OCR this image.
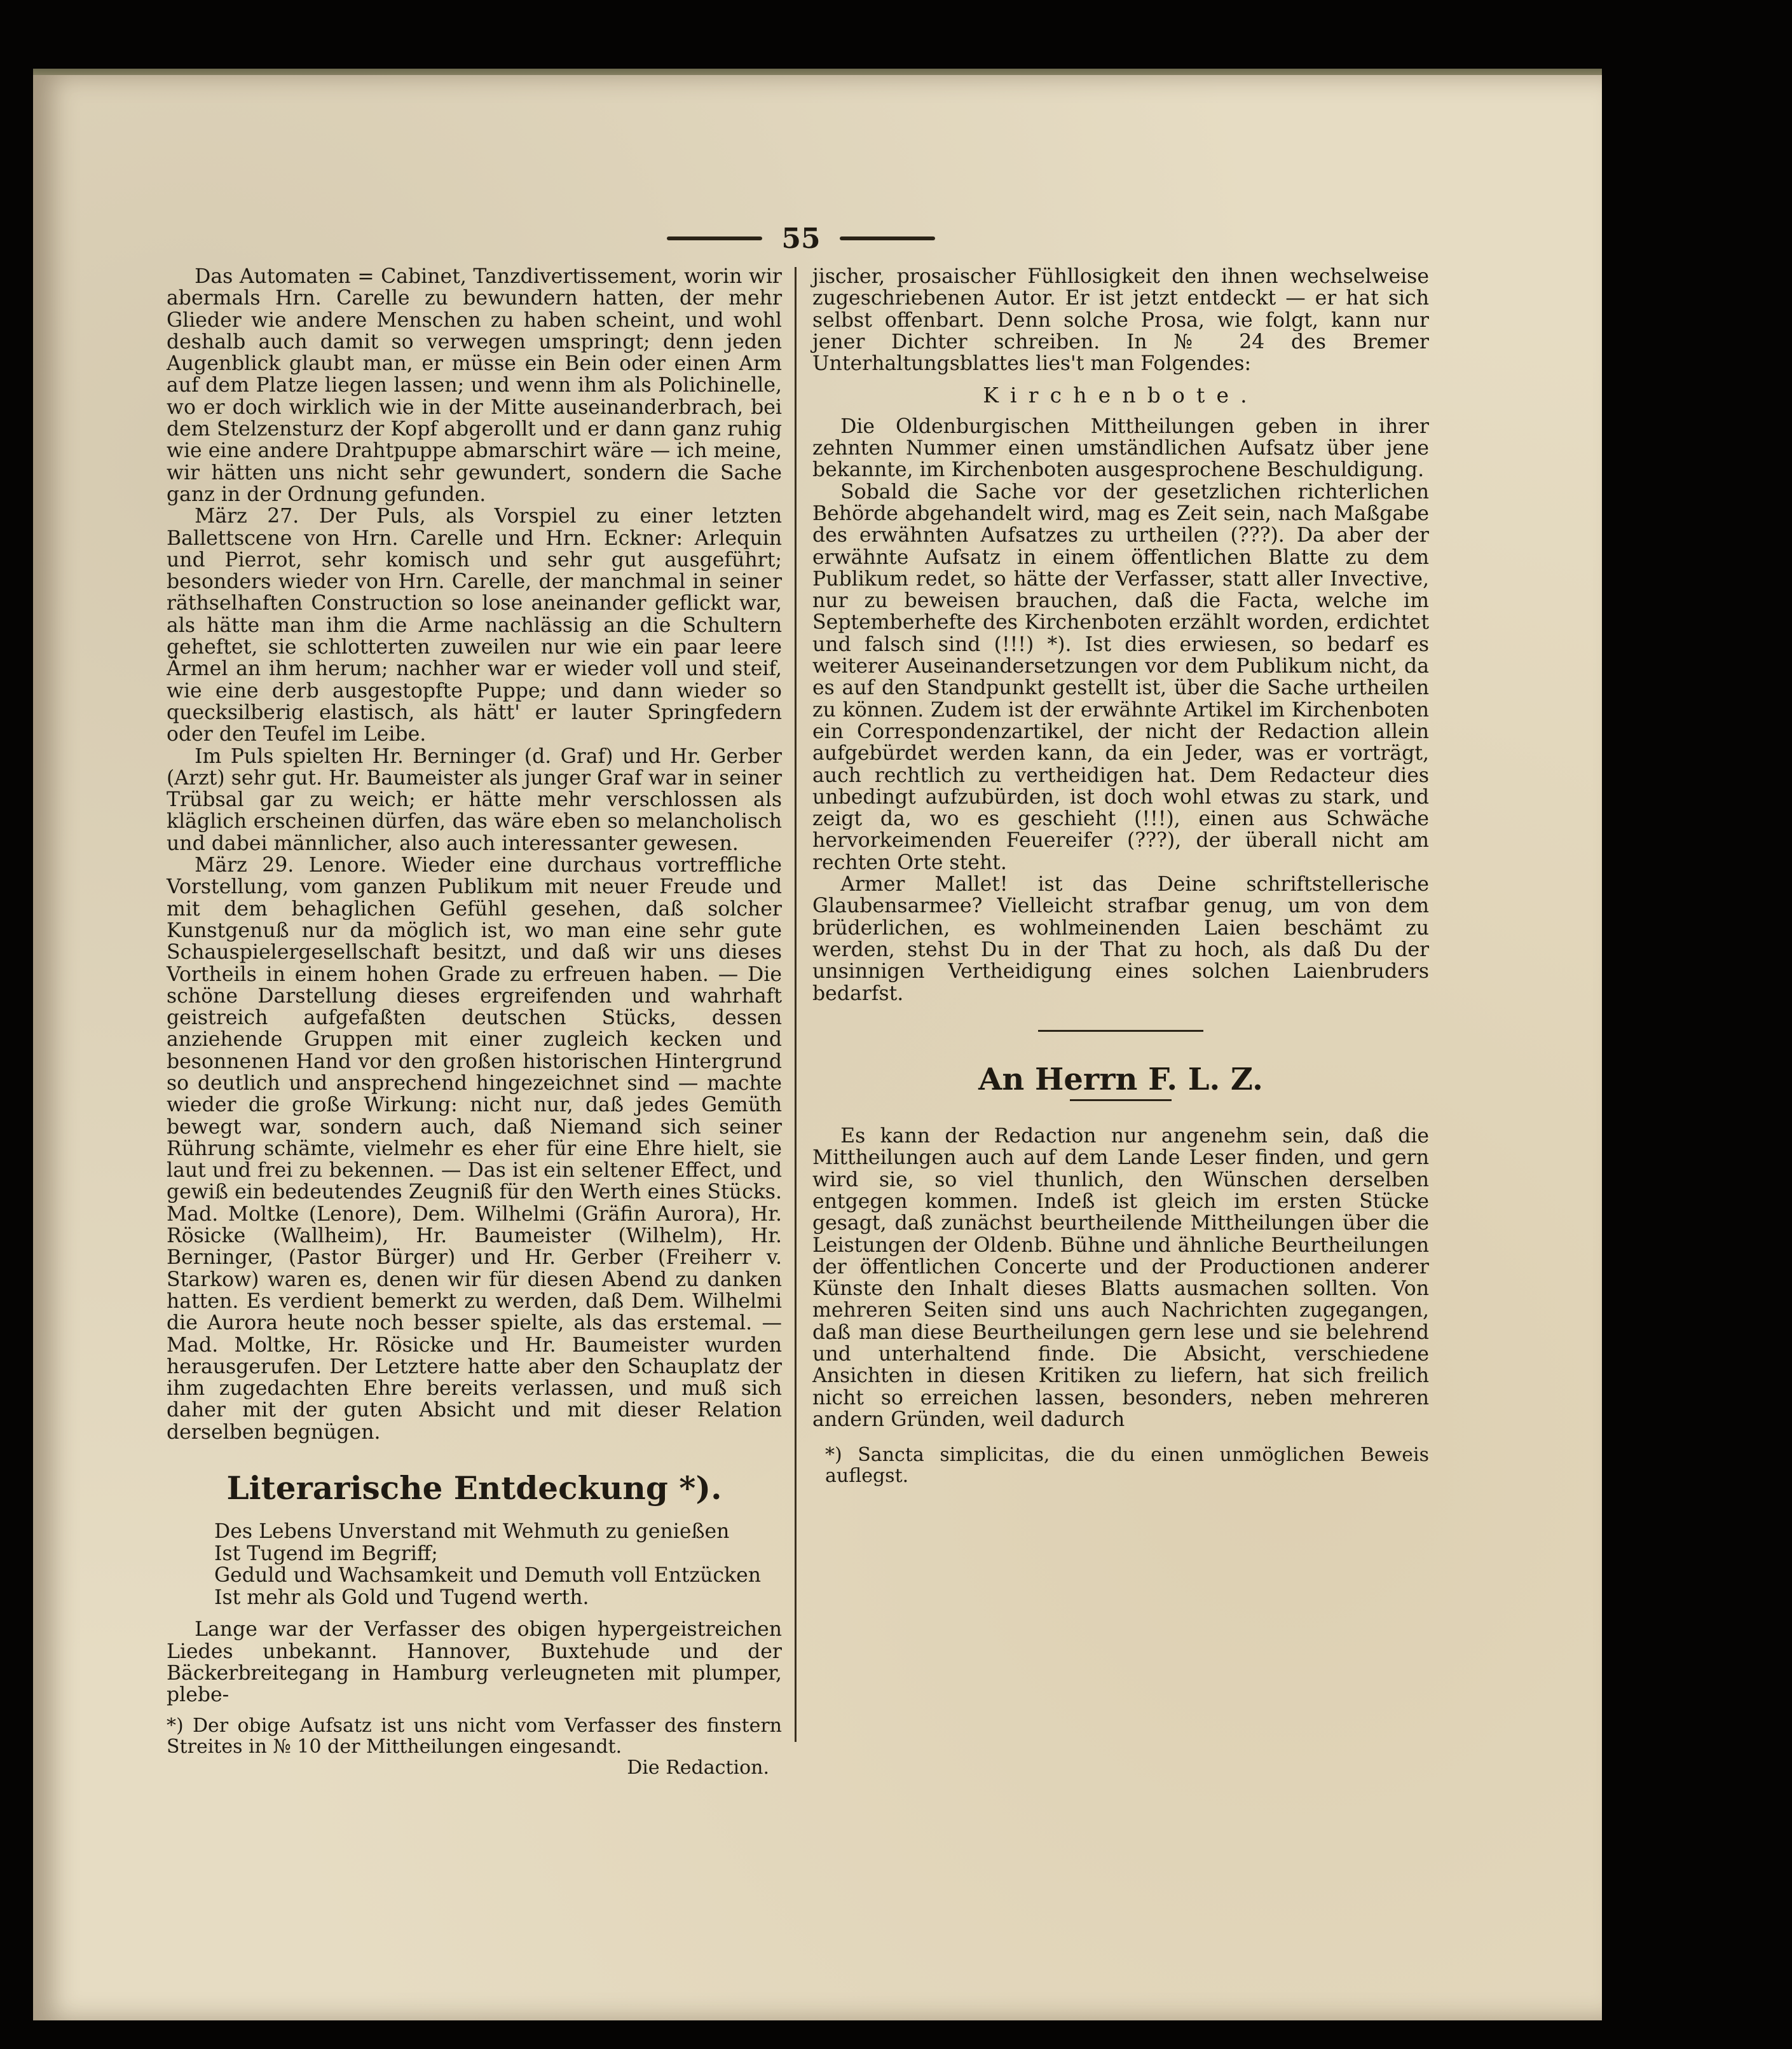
55

Das Automaten = Cabinet, Tanzdivertissement, worin wir abermals Hrn. Carelle zu bewundern hatten, der mehr Glieder wie andere Menschen zu haben scheint, und wohl deshalb auch damit so verwegen umspringt; denn jeden Augenblick glaubt man, er müsse ein Bein oder einen Arm auf dem Platze liegen lassen; und wenn ihm als Polichinelle, wo er doch wirklich wie in der Mitte auseinanderbrach, bei dem Stelzensturz der Kopf abgerollt und er dann ganz ruhig wie eine andere Drahtpuppe abmarschirt wäre — ich meine, wir hätten uns nicht sehr gewundert, sondern die Sache ganz in der Ordnung gefunden.

März 27. Der Puls, als Vorspiel zu einer letzten Ballettscene von Hrn. Carelle und Hrn. Eckner: Arlequin und Pierrot, sehr komisch und sehr gut ausgeführt; besonders wieder von Hrn. Carelle, der manchmal in seiner räthselhaften Construction so lose aneinander geflickt war, als hätte man ihm die Arme nachlässig an die Schultern geheftet, sie schlotterten zuweilen nur wie ein paar leere Ärmel an ihm herum; nachher war er wieder voll und steif, wie eine derb ausgestopfte Puppe; und dann wieder so quecksilberig elastisch, als hätt' er lauter Springfedern oder den Teufel im Leibe.

Im Puls spielten Hr. Berninger (d. Graf) und Hr. Gerber (Arzt) sehr gut. Hr. Baumeister als junger Graf war in seiner Trübsal gar zu weich; er hätte mehr verschlossen als kläglich erscheinen dürfen, das wäre eben so melancholisch und dabei männlicher, also auch interessanter gewesen.

März 29. Lenore. Wieder eine durchaus vortreffliche Vorstellung, vom ganzen Publikum mit neuer Freude und mit dem behaglichen Gefühl gesehen, daß solcher Kunstgenuß nur da möglich ist, wo man eine sehr gute Schauspielergesellschaft besitzt, und daß wir uns dieses Vortheils in einem hohen Grade zu erfreuen haben. — Die schöne Darstellung dieses ergreifenden und wahrhaft geistreich aufgefaßten deutschen Stücks, dessen anziehende Gruppen mit einer zugleich kecken und besonnenen Hand vor den großen historischen Hintergrund so deutlich und ansprechend hingezeichnet sind — machte wieder die große Wirkung: nicht nur, daß jedes Gemüth bewegt war, sondern auch, daß Niemand sich seiner Rührung schämte, vielmehr es eher für eine Ehre hielt, sie laut und frei zu bekennen. — Das ist ein seltener Effect, und gewiß ein bedeutendes Zeugniß für den Werth eines Stücks. Mad. Moltke (Lenore), Dem. Wilhelmi (Gräfin Aurora), Hr. Rösicke (Wallheim), Hr. Baumeister (Wilhelm), Hr. Berninger, (Pastor Bürger) und Hr. Gerber (Freiherr v. Starkow) waren es, denen wir für diesen Abend zu danken hatten. Es verdient bemerkt zu werden, daß Dem. Wilhelmi die Aurora heute noch besser spielte, als das erstemal. — Mad. Moltke, Hr. Rösicke und Hr. Baumeister wurden herausgerufen. Der Letztere hatte aber den Schauplatz der ihm zugedachten Ehre bereits verlassen, und muß sich daher mit der guten Absicht und mit dieser Relation derselben begnügen.

Literarische Entdeckung *).
Des Lebens Unverstand mit Wehmuth zu genießen
Ist Tugend im Begriff;
Geduld und Wachsamkeit und Demuth voll Entzücken
Ist mehr als Gold und Tugend werth.

Lange war der Verfasser des obigen hypergeistreichen Liedes unbekannt. Hannover, Buxtehude und der Bäckerbreitegang in Hamburg verleugneten mit plumper, plebe-

*) Der obige Aufsatz ist uns nicht vom Verfasser des finstern Streites in № 10 der Mittheilungen eingesandt.
Die Redaction.

jischer, prosaischer Fühllosigkeit den ihnen wechselweise zugeschriebenen Autor. Er ist jetzt entdeckt — er hat sich selbst offenbart. Denn solche Prosa, wie folgt, kann nur jener Dichter schreiben. In № 24 des Bremer Unterhaltungsblattes lies't man Folgendes:

Kirchenbote.

Die Oldenburgischen Mittheilungen geben in ihrer zehnten Nummer einen umständlichen Aufsatz über jene bekannte, im Kirchenboten ausgesprochene Beschuldigung.

Sobald die Sache vor der gesetzlichen richterlichen Behörde abgehandelt wird, mag es Zeit sein, nach Maßgabe des erwähnten Aufsatzes zu urtheilen (???). Da aber der erwähnte Aufsatz in einem öffentlichen Blatte zu dem Publikum redet, so hätte der Verfasser, statt aller Invective, nur zu beweisen brauchen, daß die Facta, welche im Septemberhefte des Kirchenboten erzählt worden, erdichtet und falsch sind (!!!) *). Ist dies erwiesen, so bedarf es weiterer Auseinandersetzungen vor dem Publikum nicht, da es auf den Standpunkt gestellt ist, über die Sache urtheilen zu können. Zudem ist der erwähnte Artikel im Kirchenboten ein Correspondenzartikel, der nicht der Redaction allein aufgebürdet werden kann, da ein Jeder, was er vorträgt, auch rechtlich zu vertheidigen hat. Dem Redacteur dies unbedingt aufzubürden, ist doch wohl etwas zu stark, und zeigt da, wo es geschieht (!!!), einen aus Schwäche hervorkeimenden Feuereifer (???), der überall nicht am rechten Orte steht.

Armer Mallet! ist das Deine schriftstellerische Glaubensarmee? Vielleicht strafbar genug, um von dem brüderlichen, es wohlmeinenden Laien beschämt zu werden, stehst Du in der That zu hoch, als daß Du der unsinnigen Vertheidigung eines solchen Laienbruders bedarfst.

An Herrn F. L. Z.

Es kann der Redaction nur angenehm sein, daß die Mittheilungen auch auf dem Lande Leser finden, und gern wird sie, so viel thunlich, den Wünschen derselben entgegen kommen. Indeß ist gleich im ersten Stücke gesagt, daß zunächst beurtheilende Mittheilungen über die Leistungen der Oldenb. Bühne und ähnliche Beurtheilungen der öffentlichen Concerte und der Productionen anderer Künste den Inhalt dieses Blatts ausmachen sollten. Von mehreren Seiten sind uns auch Nachrichten zugegangen, daß man diese Beurtheilungen gern lese und sie belehrend und unterhaltend finde. Die Absicht, verschiedene Ansichten in diesen Kritiken zu liefern, hat sich freilich nicht so erreichen lassen, besonders, neben mehreren andern Gründen, weil dadurch

*) Sancta simplicitas, die du einen unmöglichen Beweis auflegst.
